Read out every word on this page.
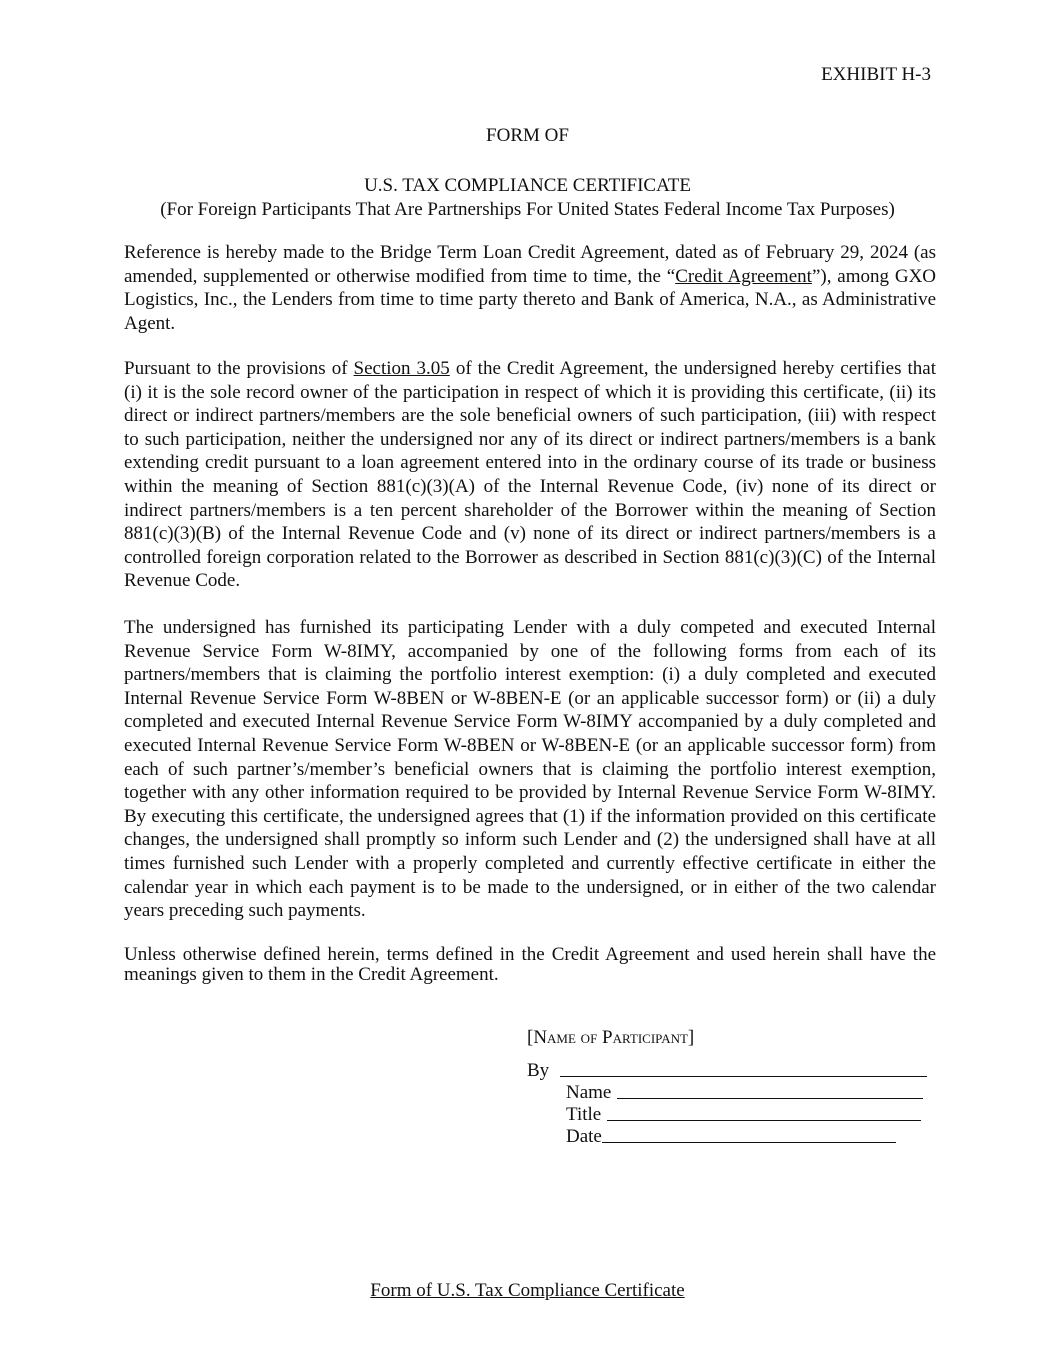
EXHIBIT H-3
FORM OF
U.S. TAX COMPLIANCE CERTIFICATE
(For Foreign Participants That Are Partnerships For United States Federal Income Tax Purposes)

Reference is hereby made to the Bridge Term Loan Credit Agreement, dated as of February 29, 2024 (as amended, supplemented or otherwise modified from time to time, the “Credit Agreement”), among GXO Logistics, Inc., the Lenders from time to time party thereto and Bank of America, N.A., as Administrative Agent.

Pursuant to the provisions of Section 3.05 of the Credit Agreement, the undersigned hereby certifies that (i) it is the sole record owner of the participation in respect of which it is providing this certificate, (ii) its direct or indirect partners/members are the sole beneficial owners of such participation, (iii) with respect to such participation, neither the undersigned nor any of its direct or indirect partners/members is a bank extending credit pursuant to a loan agreement entered into in the ordinary course of its trade or business within the meaning of Section 881(c)(3)(A) of the Internal Revenue Code, (iv) none of its direct or indirect partners/members is a ten percent shareholder of the Borrower within the meaning of Section 881(c)(3)(B) of the Internal Revenue Code and (v) none of its direct or indirect partners/members is a controlled foreign corporation related to the Borrower as described in Section 881(c)(3)(C) of the Internal Revenue Code.

The undersigned has furnished its participating Lender with a duly competed and executed Internal Revenue Service Form W-8IMY, accompanied by one of the following forms from each of its partners/members that is claiming the portfolio interest exemption: (i) a duly completed and executed Internal Revenue Service Form W-8BEN or W-8BEN-E (or an applicable successor form) or (ii) a duly completed and executed Internal Revenue Service Form W-8IMY accompanied by a duly completed and executed Internal Revenue Service Form W-8BEN or W-8BEN-E (or an applicable successor form) from each of such partner’s/member’s beneficial owners that is claiming the portfolio interest exemption, together with any other information required to be provided by Internal Revenue Service Form W-8IMY. By executing this certificate, the undersigned agrees that (1) if the information provided on this certificate changes, the undersigned shall promptly so inform such Lender and (2) the undersigned shall have at all times furnished such Lender with a properly completed and currently effective certificate in either the calendar year in which each payment is to be made to the undersigned, or in either of the two calendar years preceding such payments.

Unless otherwise defined herein, terms defined in the Credit Agreement and used herein shall have the meanings given to them in the Credit Agreement.

[Name of Participant]
By
Name
Title
Date
Form of U.S. Tax Compliance Certificate
